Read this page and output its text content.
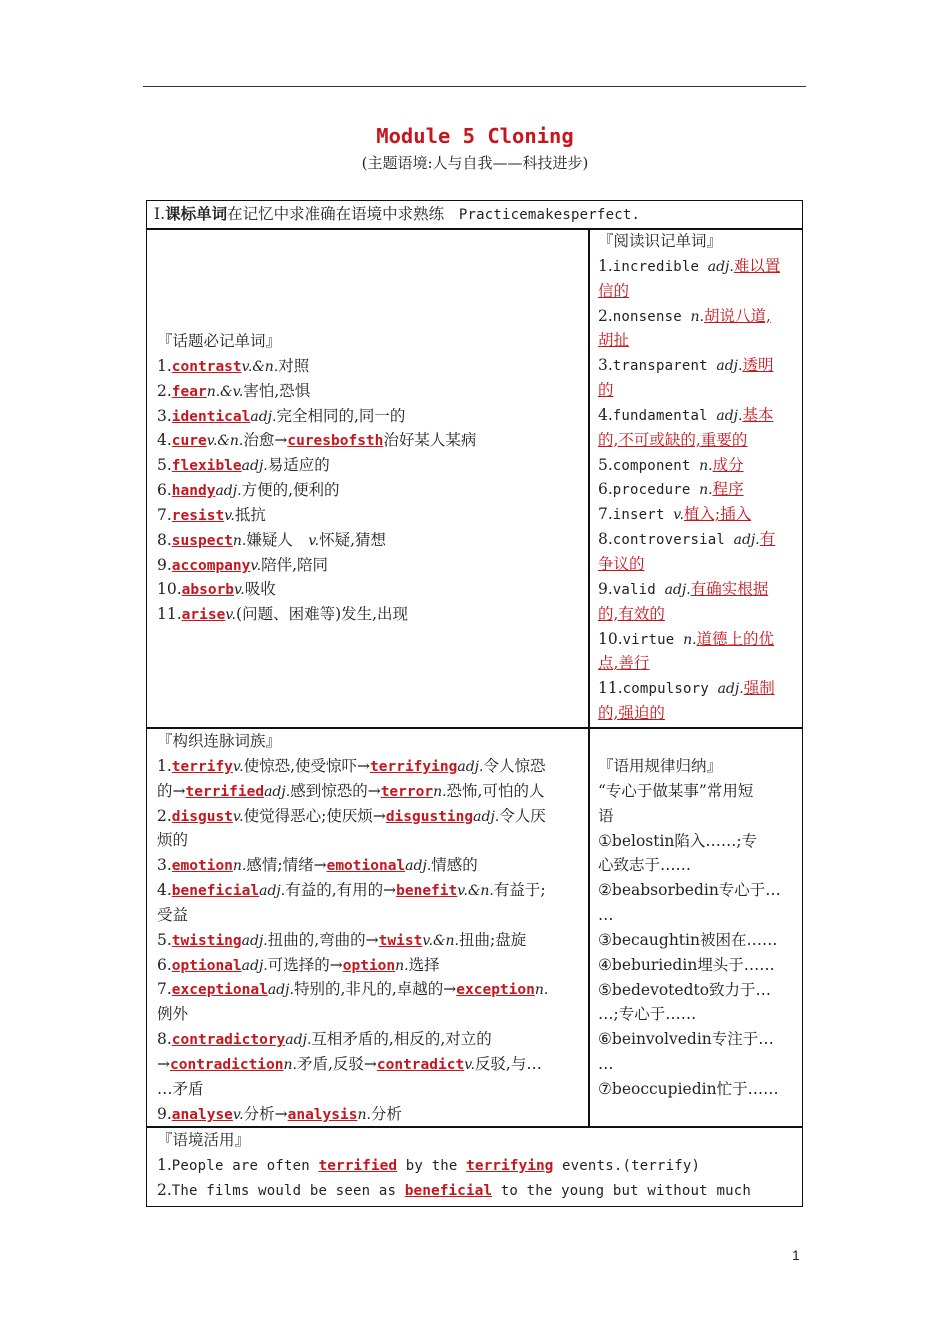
Module 5 Cloning
(主题语境:人与自我——科技进步)
Ⅰ.课标单词在记忆中求准确在语境中求熟练 Practicemakesperfect.
『话题必记单词』
1.contrastv.&n.对照
2.fearn.&v.害怕,恐惧
3.identicaladj.完全相同的,同一的
4.curev.&n.治愈→curesbofsth治好某人某病
5.flexibleadj.易适应的
6.handyadj.方便的,便利的
7.resistv.抵抗
8.suspectn.嫌疑人　v.怀疑,猜想
9.accompanyv.陪伴,陪同
10.absorbv.吸收
11.arisev.(问题、困难等)发生,出现
『阅读识记单词』
1.incredible adj.难以置
信的
2.nonsense n.胡说八道,
胡扯
3.transparent adj.透明
的
4.fundamental adj.基本
的,不可或缺的,重要的
5.component n.成分
6.procedure n.程序
7.insert v.植入;插入
8.controversial adj.有
争议的
9.valid adj.有确实根据
的,有效的
10.virtue n.道德上的优
点,善行
11.compulsory adj.强制
的,强迫的
『构织连脉词族』
1.terrifyv.使惊恐,使受惊吓→terrifyingadj.令人惊恐
的→terrifiedadj.感到惊恐的→terrorn.恐怖,可怕的人
2.disgustv.使觉得恶心;使厌烦→disgustingadj.令人厌
烦的
3.emotionn.感情;情绪→emotionaladj.情感的
4.beneficialadj.有益的,有用的→benefitv.&n.有益于;
受益
5.twistingadj.扭曲的,弯曲的→twistv.&n.扭曲;盘旋
6.optionaladj.可选择的→optionn.选择
7.exceptionaladj.特别的,非凡的,卓越的→exceptionn.
例外
8.contradictoryadj.互相矛盾的,相反的,对立的
→contradictionn.矛盾,反驳→contradictv.反驳,与…
…矛盾
9.analysev.分析→analysisn.分析
『语用规律归纳』
“专心于做某事”常用短
语
①belostin陷入……;专
心致志于……
②beabsorbedin专心于…
…
③becaughtin被困在……
④beburiedin埋头于……
⑤bedevotedto致力于…
…;专心于……
⑥beinvolvedin专注于…
…
⑦beoccupiedin忙于……
『语境活用』
1.People are often terrified by the terrifying events.(terrify)
2.The films would be seen as beneficial to the young but without much
1
